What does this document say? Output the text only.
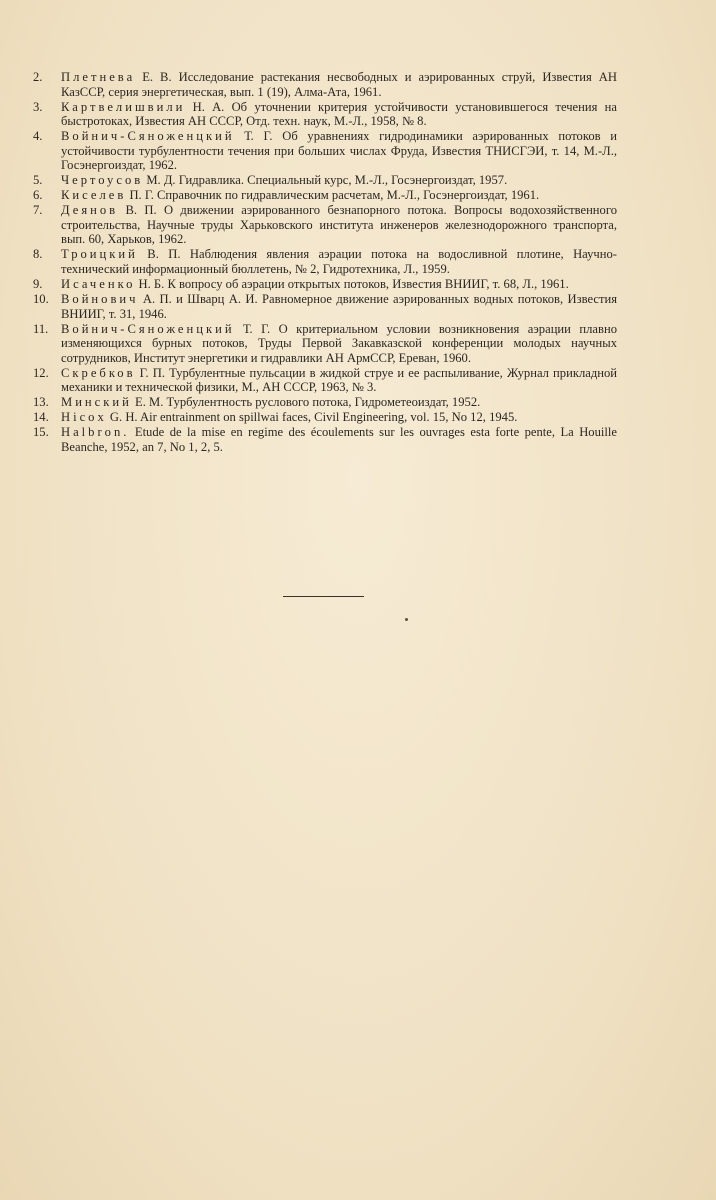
2. Плетнева Е. В. Исследование растекания несвободных и аэрированных струй, Известия АН КазССР, серия энергетическая, вып. 1 (19), Алма-Ата, 1961.
3. Картвелишвили Н. А. Об уточнении критерия устойчивости установившегося течения на быстротоках, Известия АН СССР, Отд. техн. наук, М.-Л., 1958, № 8.
4. Войнич-Сяноженцкий Т. Г. Об уравнениях гидродинамики аэрированных потоков и устойчивости турбулентности течения при больших числах Фруда, Известия ТНИСГЭИ, т. 14, М.-Л., Госэнергоиздат, 1962.
5. Чертоусов М. Д. Гидравлика. Специальный курс, М.-Л., Госэнергоиздат, 1957.
6. Киселев П. Г. Справочник по гидравлическим расчетам, М.-Л., Госэнергоиздат, 1961.
7. Деянов В. П. О движении аэрированного безнапорного потока. Вопросы водохозяйственного строительства, Научные труды Харьковского института инженеров железнодорожного транспорта, вып. 60, Харьков, 1962.
8. Троицкий В. П. Наблюдения явления аэрации потока на водосливной плотине, Научно-технический информационный бюллетень, № 2, Гидротехника, Л., 1959.
9. Исаченко Н. Б. К вопросу об аэрации открытых потоков, Известия ВНИИГ, т. 68, Л., 1961.
10. Войнович А. П. и Шварц А. И. Равномерное движение аэрированных водных потоков, Известия ВНИИГ, т. 31, 1946.
11. Войнич-Сяноженцкий Т. Г. О критериальном условии возникновения аэрации плавно изменяющихся бурных потоков, Труды Первой Закавказской конференции молодых научных сотрудников, Институт энергетики и гидравлики АН АрмССР, Ереван, 1960.
12. Скребков Г. П. Турбулентные пульсации в жидкой струе и ее распыливание, Журнал прикладной механики и технической физики, М., АН СССР, 1963, № 3.
13. Минский Е. М. Турбулентность руслового потока, Гидрометеоиздат, 1952.
14. Hicox G. H. Air entrainment on spillwai faces, Civil Engineering, vol. 15, No 12, 1945.
15. Halbron. Etude de la mise en regime des écoulements sur les ouvrages esta forte pente, La Houille Beanche, 1952, an 7, No 1, 2, 5.
